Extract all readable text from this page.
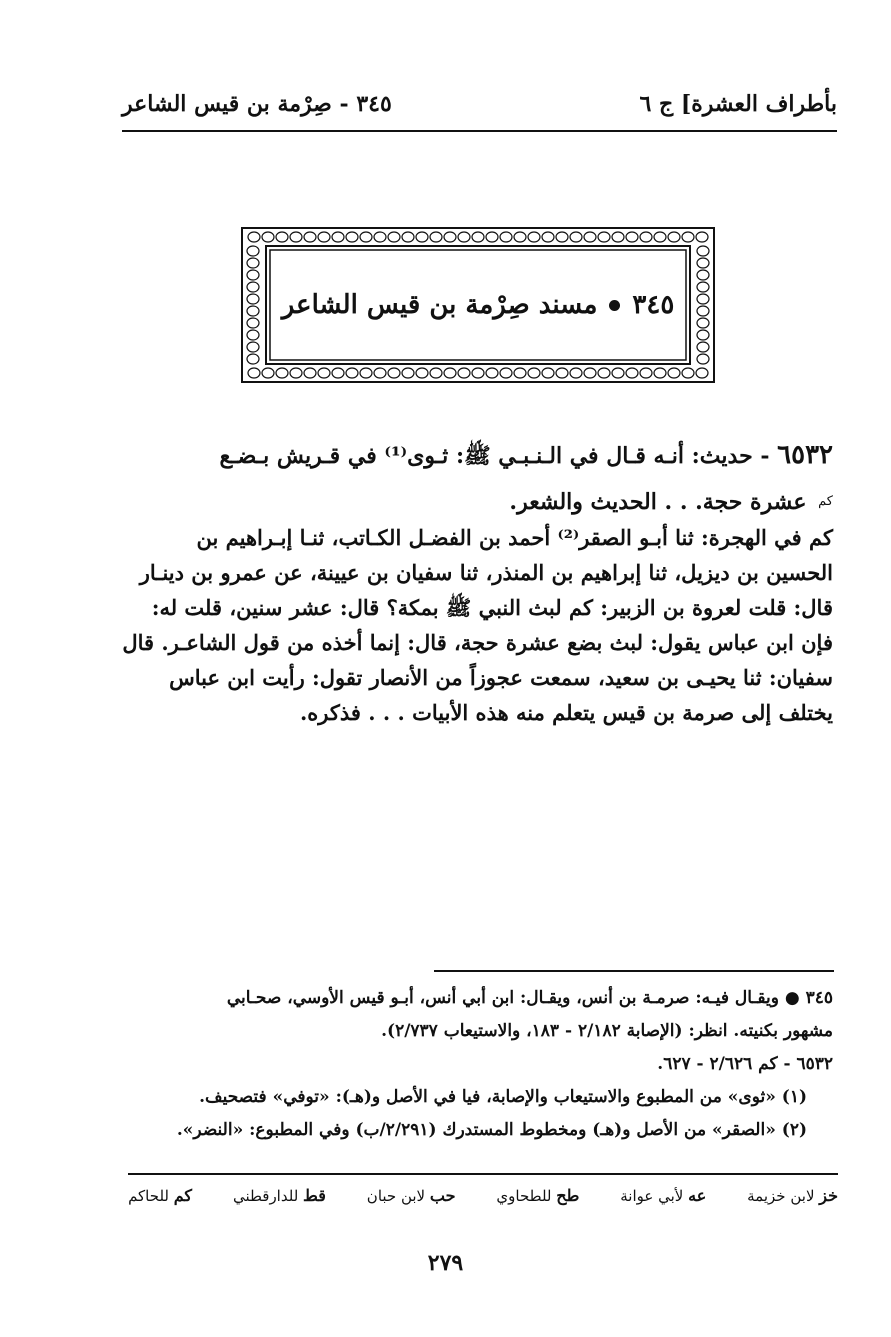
بأطراف العشرة] ج ٦
٣٤٥ - صِرْمة بن قيس الشاعر
٣٤٥
مسند صِرْمة بن قيس الشاعر
٦٥٣٢ - حديث: أنـه قـال في الـنـبـي ﷺ: ثـوى⁽¹⁾ في قـريش بـضـع
$^{كم}$ عشرة حجة. . . الحديث والشعر.
كم في الهجرة: ثنا أبـو الصقر⁽²⁾ أحمد بن الفضـل الكـاتب، ثنـا إبـراهيم بن
الحسين بن ديزيل، ثنا إبراهيم بن المنذر، ثنا سفيان بن عيينة، عن عمرو بن دينـار
قال: قلت لعروة بن الزبير: كم لبث النبي ﷺ بمكة؟ قال: عشر سنين، قلت له:
فإن ابن عباس يقول: لبث بضع عشرة حجة، قال: إنما أخذه من قول الشاعـر. قال
سفيان: ثنا يحيـى بن سعيد، سمعت عجوزاً من الأنصار تقول: رأيت ابن عباس
يختلف إلى صرمة بن قيس يتعلم منه هذه الأبيات . . . فذكره.
٣٤٥ ● ويقـال فيـه: صرمـة بن أنس، ويقـال: ابن أبي أنس، أبـو قيس الأوسي، صحـابي
مشهور بكنيته. انظر: (الإصابة ٢/١٨٢ - ١٨٣، والاستيعاب ٢/٧٣٧).
٦٥٣٢ - كم ٢/٦٢٦ - ٦٢٧.
(١) «ثوى» من المطبوع والاستيعاب والإصابة، فيا في الأصل و(هـ): «توفي» فتصحيف.
(٢) «الصقر» من الأصل و(هـ) ومخطوط المستدرك (٢/٢٩١/ب) وفي المطبوع: «النضر».
خز لابن خزيمة
عه لأبي عوانة
طح للطحاوي
حب لابن حبان
قط للدارقطني
كم للحاكم
٢٧٩
